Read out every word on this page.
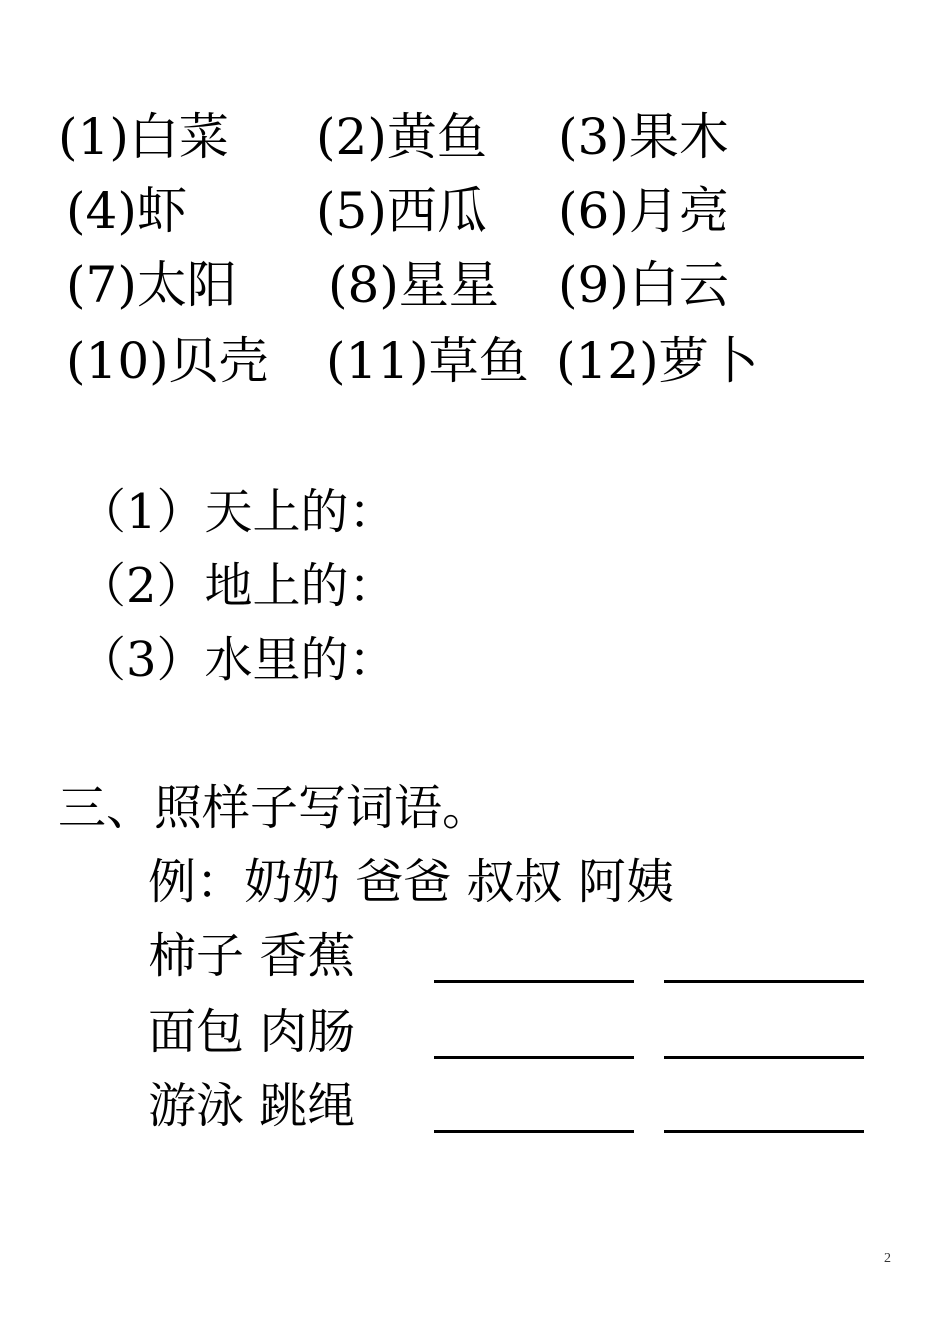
(1)白菜 (2)黄鱼 (3)果木
(4)虾	(5)西瓜 (6)月亮
(7)太阳 (8)星星 (9)白云
(10)贝壳 (11)草鱼 (12)萝卜
（1）天上的：
（2）地上的：
（3）水里的：
三、照样子写词语。
例：奶奶 爸爸 叔叔 阿姨
柿子 香蕉
面包 肉肠
游泳 跳绳
2
